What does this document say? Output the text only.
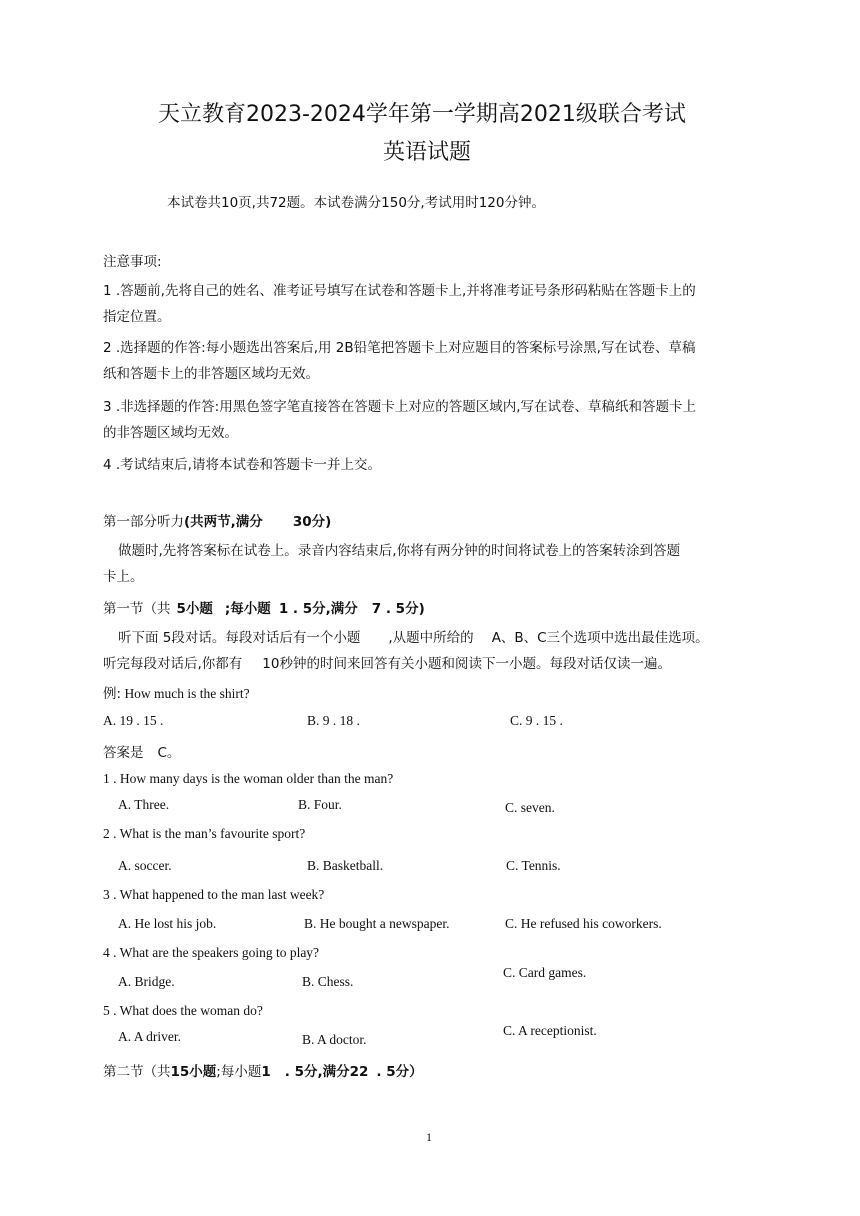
天立教育2023-2024学年第一学期高2021级联合考试
英语试题
本试卷共10页,共72题。本试卷满分150分,考试用时120分钟。
注意事项:
1 .答题前,先将自己的姓名、准考证号填写在试卷和答题卡上,并将准考证号条形码粘贴在答题卡上的
指定位置。
2 .选择题的作答:每小题选出答案后,用 2B铅笔把答题卡上对应题目的答案标号涂黑,写在试卷、草稿
纸和答题卡上的非答题区域均无效。
3 .非选择题的作答:用黑色签字笔直接答在答题卡上对应的答题区域内,写在试卷、草稿纸和答题卡上
的非答题区域均无效。
4 .考试结束后,请将本试卷和答题卡一并上交。
第一部分听力(共两节,满分 30分)
做题时,先将答案标在试卷上。录音内容结束后,你将有两分钟的时间将试卷上的答案转涂到答题
卡上。
第一节（共 5小题 ;每小题 1 . 5分,满分 7 . 5分)
听下面 5段对话。每段对话后有一个小题 ,从题中所给的 A、B、C三个选项中选出最佳选项。
听完每段对话后,你都有 10秒钟的时间来回答有关小题和阅读下一小题。每段对话仅读一遍。
例: How much is the shirt?
A. 19 . 15 .	B. 9 . 18 .	C. 9 . 15 .
答案是 C。
1 . How many days is the woman older than the man?
A. Three.	B. Four.	C. seven.
2 . What is the man’s favourite sport?
A. soccer.	B. Basketball.	C. Tennis.
3 . What happened to the man last week?
A. He lost his job.	B. He bought a newspaper.	C. He refused his coworkers.
4 . What are the speakers going to play?
A. Bridge.	B. Chess.
C. Card games.
5 . What does the woman do?
A. A driver.	B. A doctor.
C. A receptionist.
第二节（共15小题;每小题1 . 5分,满分22 . 5分）
1
